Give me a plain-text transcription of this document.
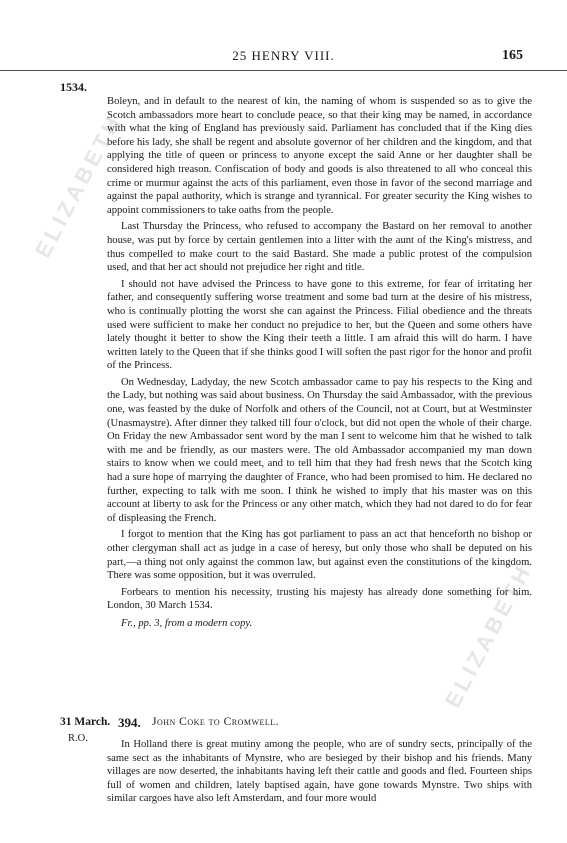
ELIZABETH
ELIZABETH
25 HENRY VIII.	165
1534.

Boleyn, and in default to the nearest of kin, the naming of whom is suspended so as to give the Scotch ambassadors more heart to conclude peace, so that their king may be named, in accordance with what the king of England has previously said. Parliament has concluded that if the King dies before his lady, she shall be regent and absolute governor of her children and the kingdom, and that applying the title of queen or princess to anyone except the said Anne or her daughter shall be considered high treason. Confiscation of body and goods is also threatened to all who conceal this crime or murmur against the acts of this parliament, even those in favor of the second marriage and against the papal authority, which is strange and tyrannical. For greater security the King wishes to appoint commissioners to take oaths from the people.

Last Thursday the Princess, who refused to accompany the Bastard on her removal to another house, was put by force by certain gentlemen into a litter with the aunt of the King's mistress, and thus compelled to make court to the said Bastard. She made a public protest of the compulsion used, and that her act should not prejudice her right and title.

I should not have advised the Princess to have gone to this extreme, for fear of irritating her father, and consequently suffering worse treatment and some bad turn at the desire of his mistress, who is continually plotting the worst she can against the Princess. Filial obedience and the threats used were sufficient to make her conduct no prejudice to her, but the Queen and some others have lately thought it better to show the King their teeth a little. I am afraid this will do harm. I have written lately to the Queen that if she thinks good I will soften the past rigor for the honor and profit of the Princess.

On Wednesday, Ladyday, the new Scotch ambassador came to pay his respects to the King and the Lady, but nothing was said about business. On Thursday the said Ambassador, with the previous one, was feasted by the duke of Norfolk and others of the Council, not at Court, but at Westminster (Unasmaystre). After dinner they talked till four o'clock, but did not open the whole of their charge. On Friday the new Ambassador sent word by the man I sent to welcome him that he wished to talk with me and be friendly, as our masters were. The old Ambassador accompanied my man down stairs to know when we could meet, and to tell him that they had fresh news that the Scotch king had a sure hope of marrying the daughter of France, who had been promised to him. He declared no further, expecting to talk with me soon. I think he wished to imply that his master was on this account at liberty to ask for the Princess or any other match, which they had not dared to do for fear of displeasing the French.

I forgot to mention that the King has got parliament to pass an act that henceforth no bishop or other clergyman shall act as judge in a case of heresy, but only those who shall be deputed on his part,—a thing not only against the common law, but against even the constitutions of the kingdom. There was some opposition, but it was overruled.

Forbears to mention his necessity, trusting his majesty has already done something for him. London, 30 March 1534.

Fr., pp. 3, from a modern copy.

31 March.
R.O.
394. John Coke to Cromwell.

In Holland there is great mutiny among the people, who are of sundry sects, principally of the same sect as the inhabitants of Mynstre, who are besieged by their bishop and his friends. Many villages are now deserted, the inhabitants having left their cattle and goods and fled. Fourteen ships full of women and children, lately baptised again, have gone towards Mynstre. Two ships with similar cargoes have also left Amsterdam, and four more would
